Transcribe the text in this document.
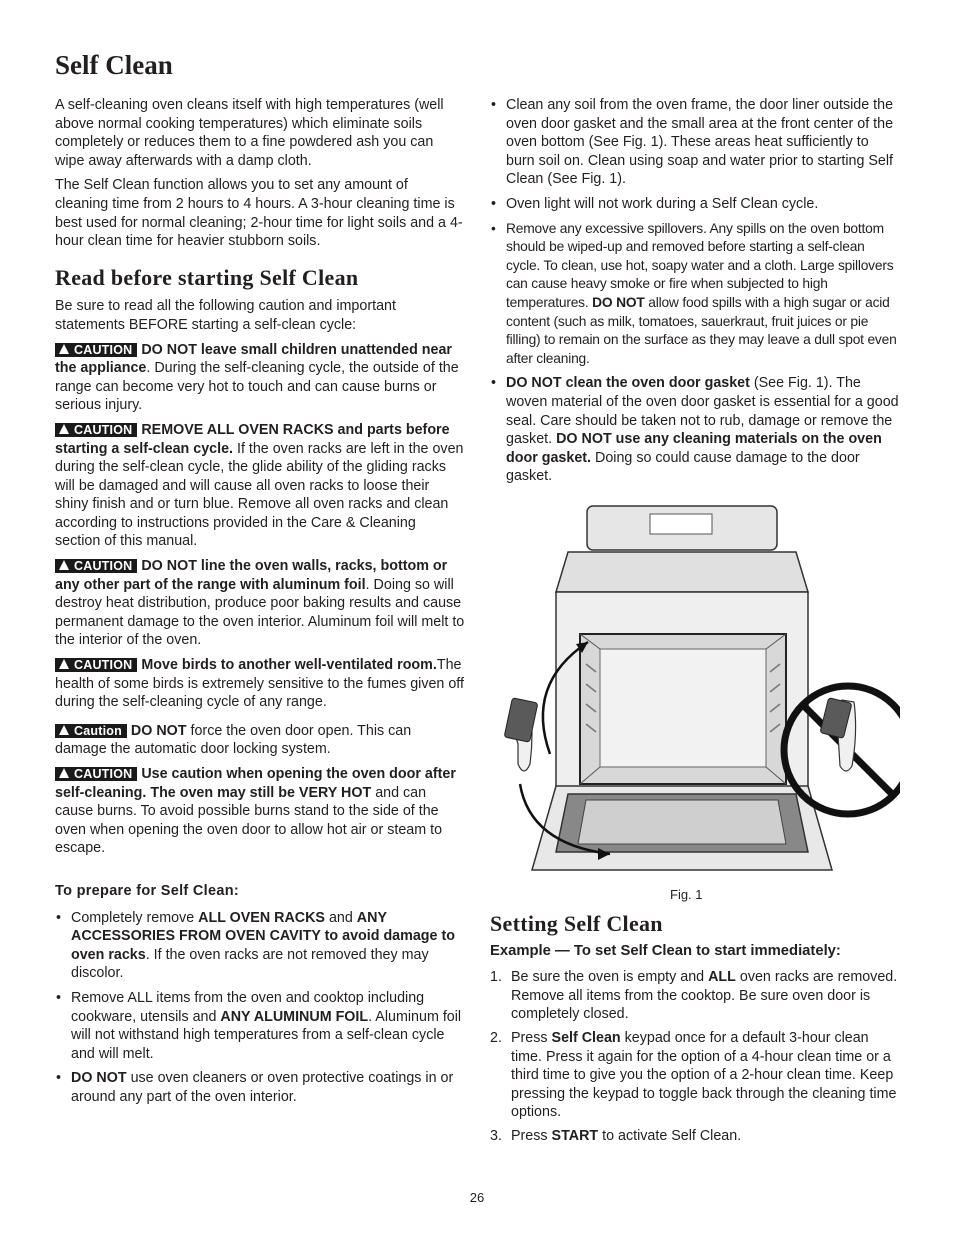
Self Clean

A self-cleaning oven cleans itself with high temperatures (well above normal cooking temperatures) which eliminate soils completely or reduces them to a fine powdered ash you can wipe away afterwards with a damp cloth.

The Self Clean function allows you to set any amount of cleaning time from 2 hours to 4 hours. A 3-hour cleaning time is best used for normal cleaning; 2-hour time for light soils and a 4-hour clean time for heavier stubborn soils.

Read before starting Self Clean

Be sure to read all the following caution and important statements BEFORE starting a self-clean cycle:

CAUTION DO NOT leave small children unattended near the appliance. During the self-cleaning cycle, the outside of the range can become very hot to touch and can cause burns or serious injury.

CAUTION REMOVE ALL OVEN RACKS and parts before starting a self-clean cycle. If the oven racks are left in the oven during the self-clean cycle, the glide ability of the gliding racks will be damaged and will cause all oven racks to loose their shiny finish and or turn blue. Remove all oven racks and clean according to instructions provided in the Care & Cleaning section of this manual.

CAUTION DO NOT line the oven walls, racks, bottom or any other part of the range with aluminum foil. Doing so will destroy heat distribution, produce poor baking results and cause permanent damage to the oven interior. Aluminum foil will melt to the interior of the oven.

CAUTION Move birds to another well-ventilated room.The health of some birds is extremely sensitive to the fumes given off during the self-cleaning cycle of any range.

Caution DO NOT force the oven door open. This can damage the automatic door locking system.

CAUTION Use caution when opening the oven door after self-cleaning. The oven may still be VERY HOT and can cause burns. To avoid possible burns stand to the side of the oven when opening the oven door to allow hot air or steam to escape.

To prepare for Self Clean:
• Completely remove ALL OVEN RACKS and ANY ACCESSORIES FROM OVEN CAVITY to avoid damage to oven racks. If the oven racks are not removed they may discolor.
• Remove ALL items from the oven and cooktop including cookware, utensils and ANY ALUMINUM FOIL. Aluminum foil will not withstand high temperatures from a self-clean cycle and will melt.
• DO NOT use oven cleaners or oven protective coatings in or around any part of the oven interior.
• Clean any soil from the oven frame, the door liner outside the oven door gasket and the small area at the front center of the oven bottom (See Fig. 1). These areas heat sufficiently to burn soil on. Clean using soap and water prior to starting Self Clean (See Fig. 1).
• Oven light will not work during a Self Clean cycle.
• Remove any excessive spillovers. Any spills on the oven bottom should be wiped-up and removed before starting a self-clean cycle. To clean, use hot, soapy water and a cloth. Large spillovers can cause heavy smoke or fire when subjected to high temperatures. DO NOT allow food spills with a high sugar or acid content (such as milk, tomatoes, sauerkraut, fruit juices or pie filling) to remain on the surface as they may leave a dull spot even after cleaning.
• DO NOT clean the oven door gasket (See Fig. 1). The woven material of the oven door gasket is essential for a good seal. Care should be taken not to rub, damage or remove the gasket. DO NOT use any cleaning materials on the oven door gasket. Doing so could cause damage to the door gasket.
Fig. 1
Setting Self Clean

Example — To set Self Clean to start immediately:

1. Be sure the oven is empty and ALL oven racks are removed. Remove all items from the cooktop. Be sure oven door is completely closed.
2. Press Self Clean keypad once for a default 3-hour clean time. Press it again for the option of a 4-hour clean time or a third time to give you the option of a 2-hour clean time. Keep pressing the keypad to toggle back through the cleaning time options.
3. Press START to activate Self Clean.
26
